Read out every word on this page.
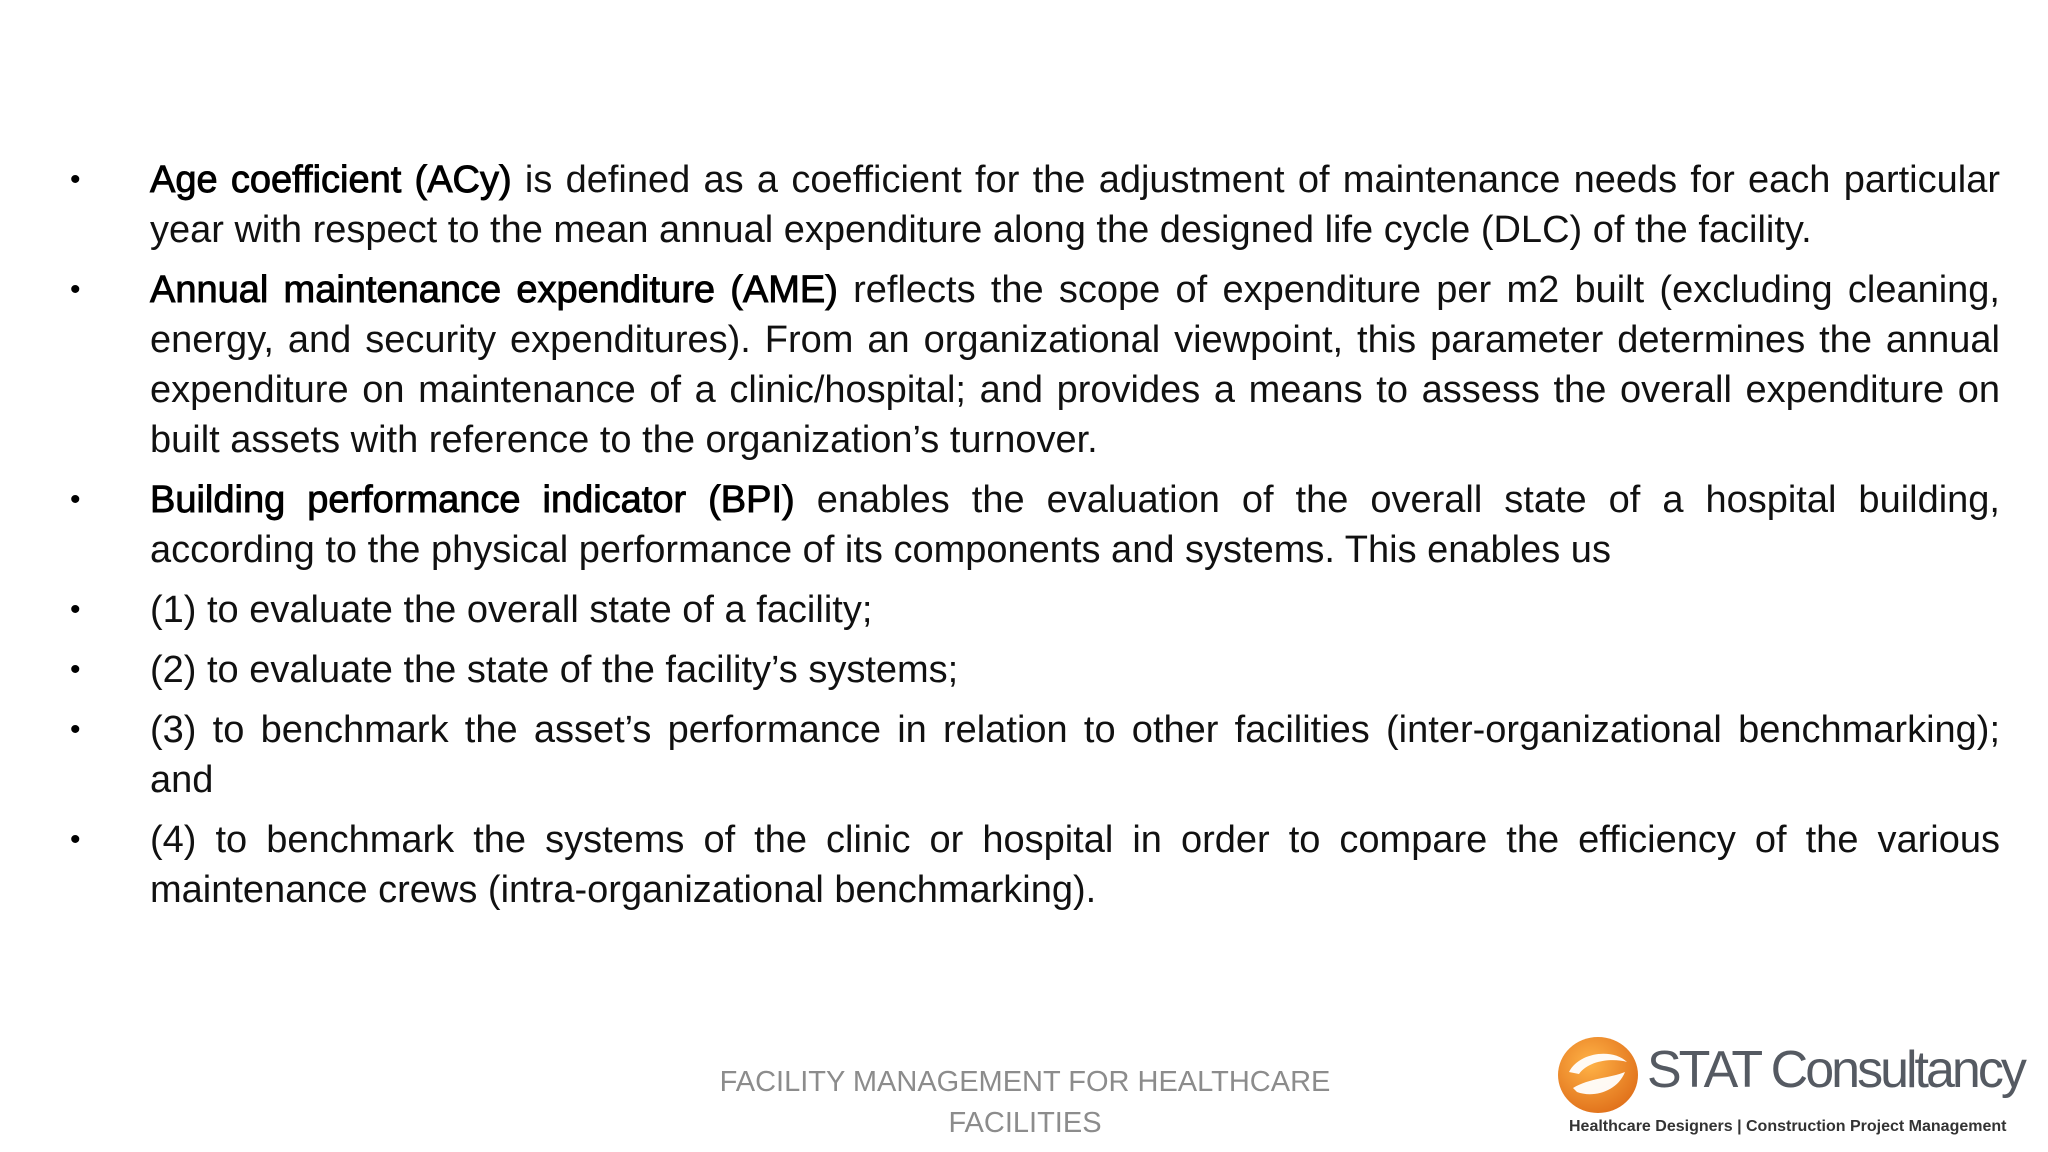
• Age coefficient (ACy) is defined as a coefficient for the adjustment of maintenance needs for each particular year with respect to the mean annual expenditure along the designed life cycle (DLC) of the facility.
• Annual maintenance expenditure (AME) reflects the scope of expenditure per m2 built (excluding cleaning, energy, and security expenditures). From an organizational viewpoint, this parameter determines the annual expenditure on maintenance of a clinic/hospital; and provides a means to assess the overall expenditure on built assets with reference to the organization’s turnover.
• Building performance indicator (BPI) enables the evaluation of the overall state of a hospital building, according to the physical performance of its components and systems. This enables us
• (1) to evaluate the overall state of a facility;
• (2) to evaluate the state of the facility’s systems;
• (3) to benchmark the asset’s performance in relation to other facilities (inter-organizational benchmarking); and
• (4) to benchmark the systems of the clinic or hospital in order to compare the efficiency of the various maintenance crews (intra-organizational benchmarking).
FACILITY MANAGEMENT FOR HEALTHCARE
FACILITIES
STAT Consultancy
Healthcare Designers | Construction Project Management
